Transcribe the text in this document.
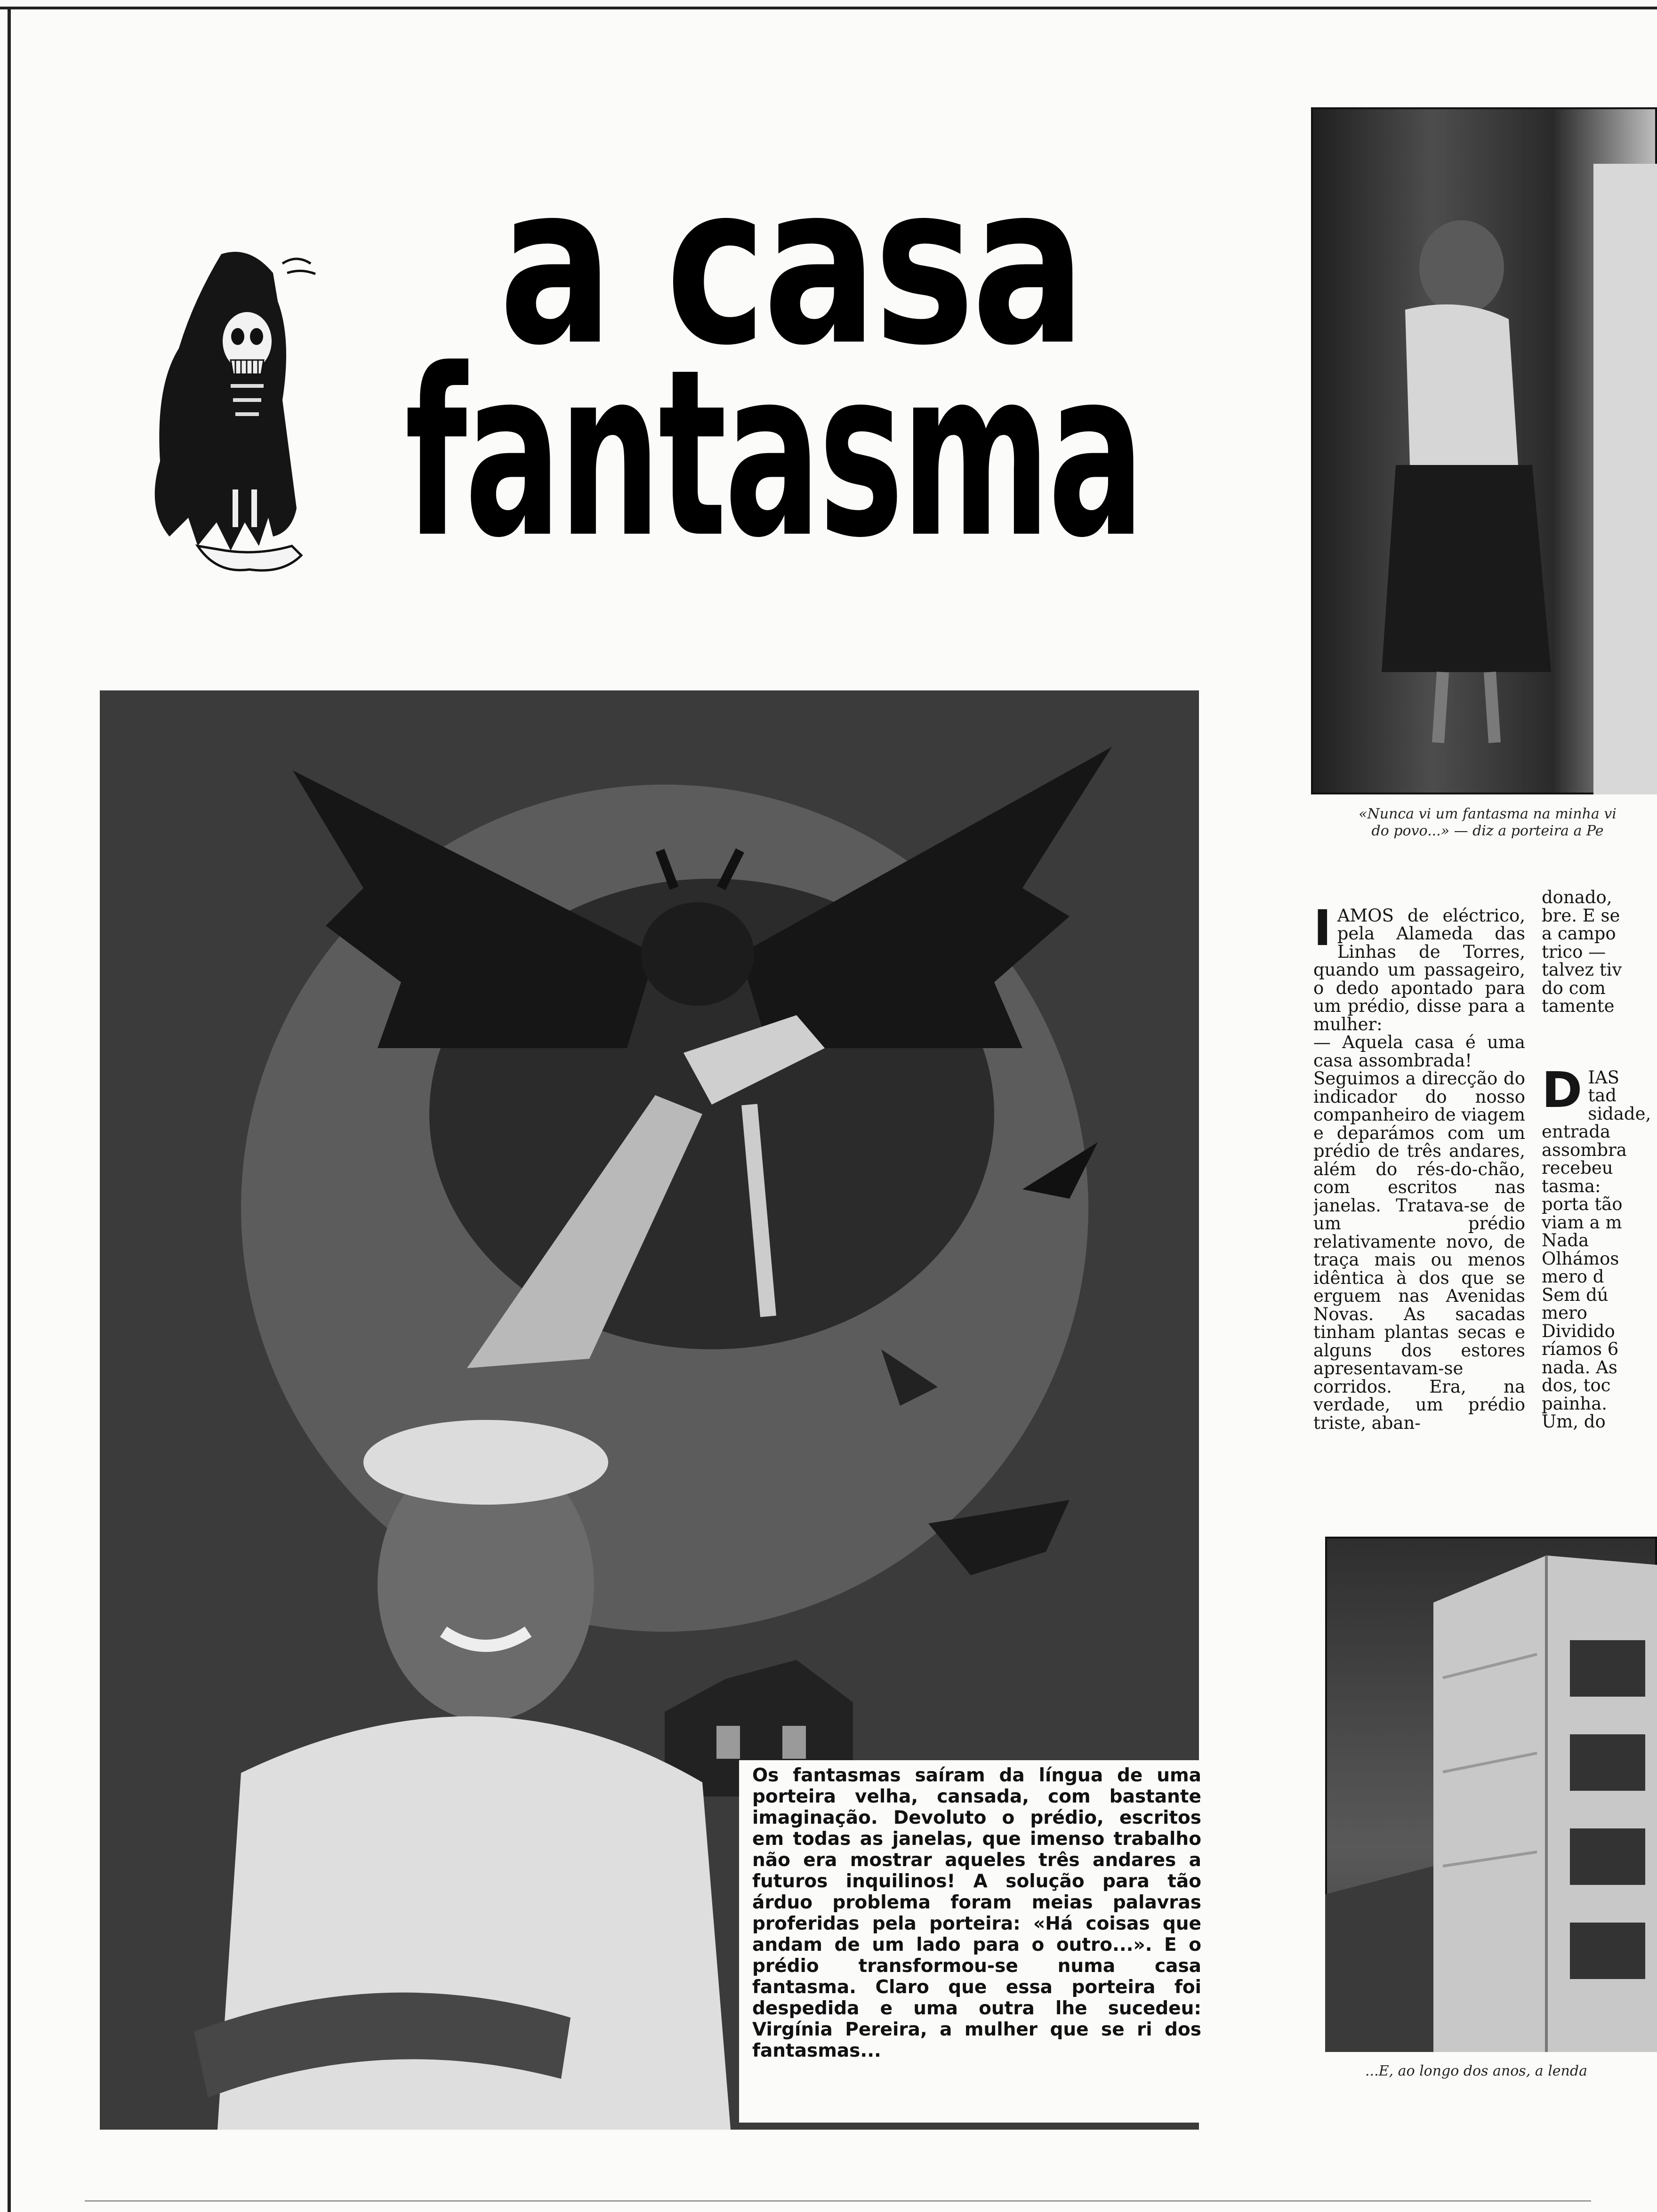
a casa
fantasma
«Nunca vi um fantasma na minha vi
do povo...» — diz a porteira a Pe
Os fantasmas saíram da língua de uma porteira velha, cansada, com bastante imaginação. Devoluto o prédio, escritos em todas as janelas, que imenso trabalho não era mostrar aqueles três andares a futuros inquilinos! A solução para tão árduo problema foram meias palavras proferidas pela porteira: «Há coisas que andam de um lado para o outro...». E o prédio transformou-se numa casa fantasma. Claro que essa porteira foi despedida e uma outra lhe sucedeu: Virgínia Pereira, a mulher que se ri dos fantasmas...

IAMOS de eléctrico, pela Alameda das Linhas de Torres, quando um passageiro, o dedo apontado para um prédio, disse para a mulher:
— Aquela casa é uma casa assombrada!
Seguimos a direcção do indicador do nosso companheiro de viagem e deparámos com um prédio de três andares, além do rés-do-chão, com escritos nas janelas. Tratava-se de um prédio relativamente novo, de traça mais ou menos idêntica à dos que se erguem nas Avenidas Novas. As sacadas tinham plantas secas e alguns dos estores apresentavam-se corridos. Era, na verdade, um prédio triste, aban-

donado,
bre. E se
a campo
trico —
talvez tiv
do com
tamente

DIAS
tad
sidade,
entrada
assombra
recebeu
tasma:
porta tão
viam a m
Nada
Olhámos
mero d
Sem dú
mero
Dividido
ríamos 6
nada. As
dos, toc
painha.
Um, do

...E, ao longo dos anos, a lenda
